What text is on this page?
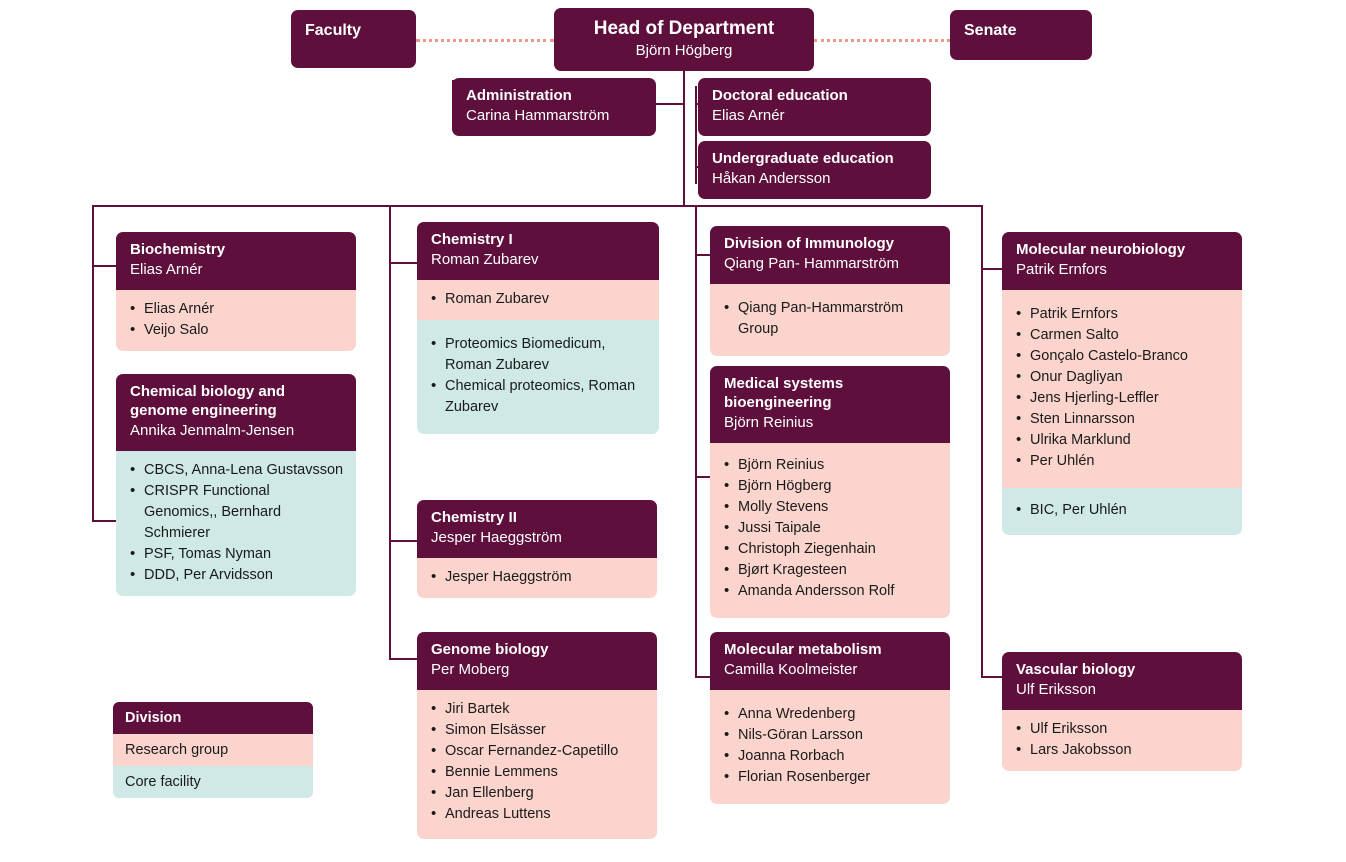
Faculty	Senate
Head of Department
Björn Högberg
Administration
Carina Hammarström
Doctoral education
Elias Arnér
Undergraduate education
Håkan Andersson
Biochemistry
Elias Arnér
• Elias Arnér
• Veijo Salo
Chemical biology and genome engineering
Annika Jenmalm-Jensen
• CBCS, Anna-Lena Gustavsson
• CRISPR Functional Genomics,, Bernhard Schmierer
• PSF, Tomas Nyman
• DDD, Per Arvidsson
Division
Research group
Core facility
Chemistry I
Roman Zubarev
• Roman Zubarev
• Proteomics Biomedicum, Roman Zubarev
• Chemical proteomics, Roman Zubarev
Chemistry II
Jesper Haeggström
• Jesper Haeggström
Genome biology
Per Moberg
• Jiri Bartek
• Simon Elsässer
• Oscar Fernandez-Capetillo
• Bennie Lemmens
• Jan Ellenberg
• Andreas Luttens
Division of Immunology
Qiang Pan- Hammarström
• Qiang Pan-Hammarström Group
Medical systems bioengineering
Björn Reinius
• Björn Reinius
• Björn Högberg
• Molly Stevens
• Jussi Taipale
• Christoph Ziegenhain
• Bjørt Kragesteen
• Amanda Andersson Rolf
Molecular metabolism
Camilla Koolmeister
• Anna Wredenberg
• Nils-Göran Larsson
• Joanna Rorbach
• Florian Rosenberger
Molecular neurobiology
Patrik Ernfors
• Patrik Ernfors
• Carmen Salto
• Gonçalo Castelo-Branco
• Onur Dagliyan
• Jens Hjerling-Leffler
• Sten Linnarsson
• Ulrika Marklund
• Per Uhlén
• BIC, Per Uhlén
Vascular biology
Ulf Eriksson
• Ulf Eriksson
• Lars Jakobsson
